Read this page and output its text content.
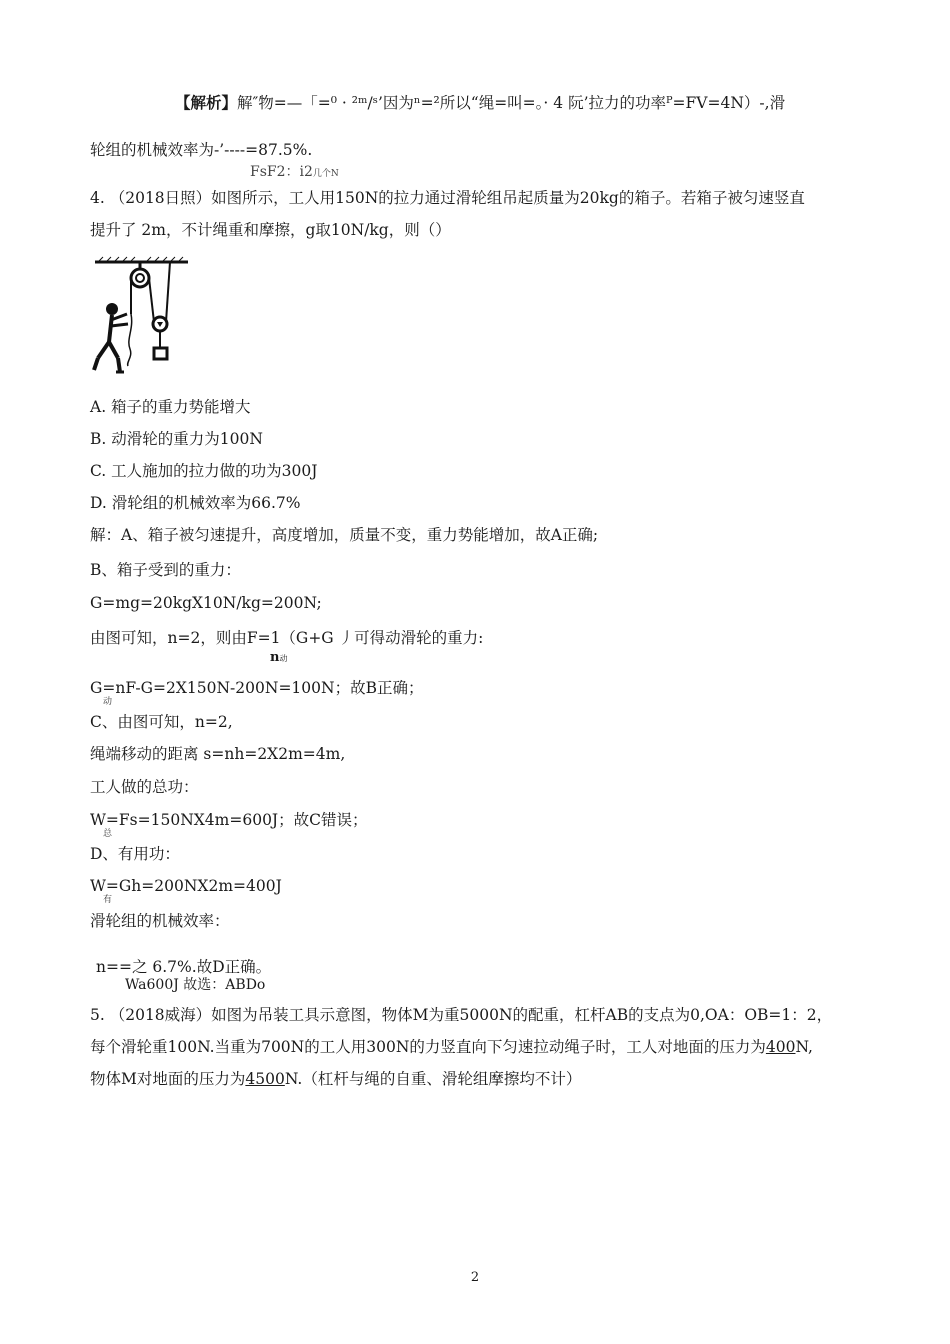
【解析】解″物=—「=⁰ · ²ᵐ/ˢ’因为ⁿ=²所以“绳=叫=。· 4 阮’拉力的功率ᴾ=FV=4N）-,滑
轮组的机械效率为-’----=87.5%.
FsF2：i2几个N
4. （2018日照）如图所示，工人用150N的拉力通过滑轮组吊起质量为20kg的箱子。若箱子被匀速竖直
提升了 2m，不计绳重和摩擦，g取10N/kg，则（）
A. 箱子的重力势能增大
B. 动滑轮的重力为100N
C. 工人施加的拉力做的功为300J
D. 滑轮组的机械效率为66.7%
解：A、箱子被匀速提升，高度增加，质量不变，重力势能增加，故A正确;
B、箱子受到的重力：
G=mg=20kgX10N/kg=200N;
由图可知，n=2，则由F=1（G+G 丿可得动滑轮的重力:
n动
G=nF-G=2X150N-200N=100N；故B正确；
动
C、由图可知，n=2,
绳端移动的距离 s=nh=2X2m=4m,
工人做的总功：
W=Fs=150NX4m=600J；故C错误；
总
D、有用功：
W=Gh=200NX2m=400J
有
滑轮组的机械效率：
n==之 6.7%.故D正确。
Wa600J 故选：ABDo
5. （2018威海）如图为吊装工具示意图，物体M为重5000N的配重，杠杆AB的支点为0,OA：OB=1：2，
每个滑轮重100N.当重为700N的工人用300N的力竖直向下匀速拉动绳子时，工人对地面的压力为400N,
物体M对地面的压力为4500N.（杠杆与绳的自重、滑轮组摩擦均不计）
2
